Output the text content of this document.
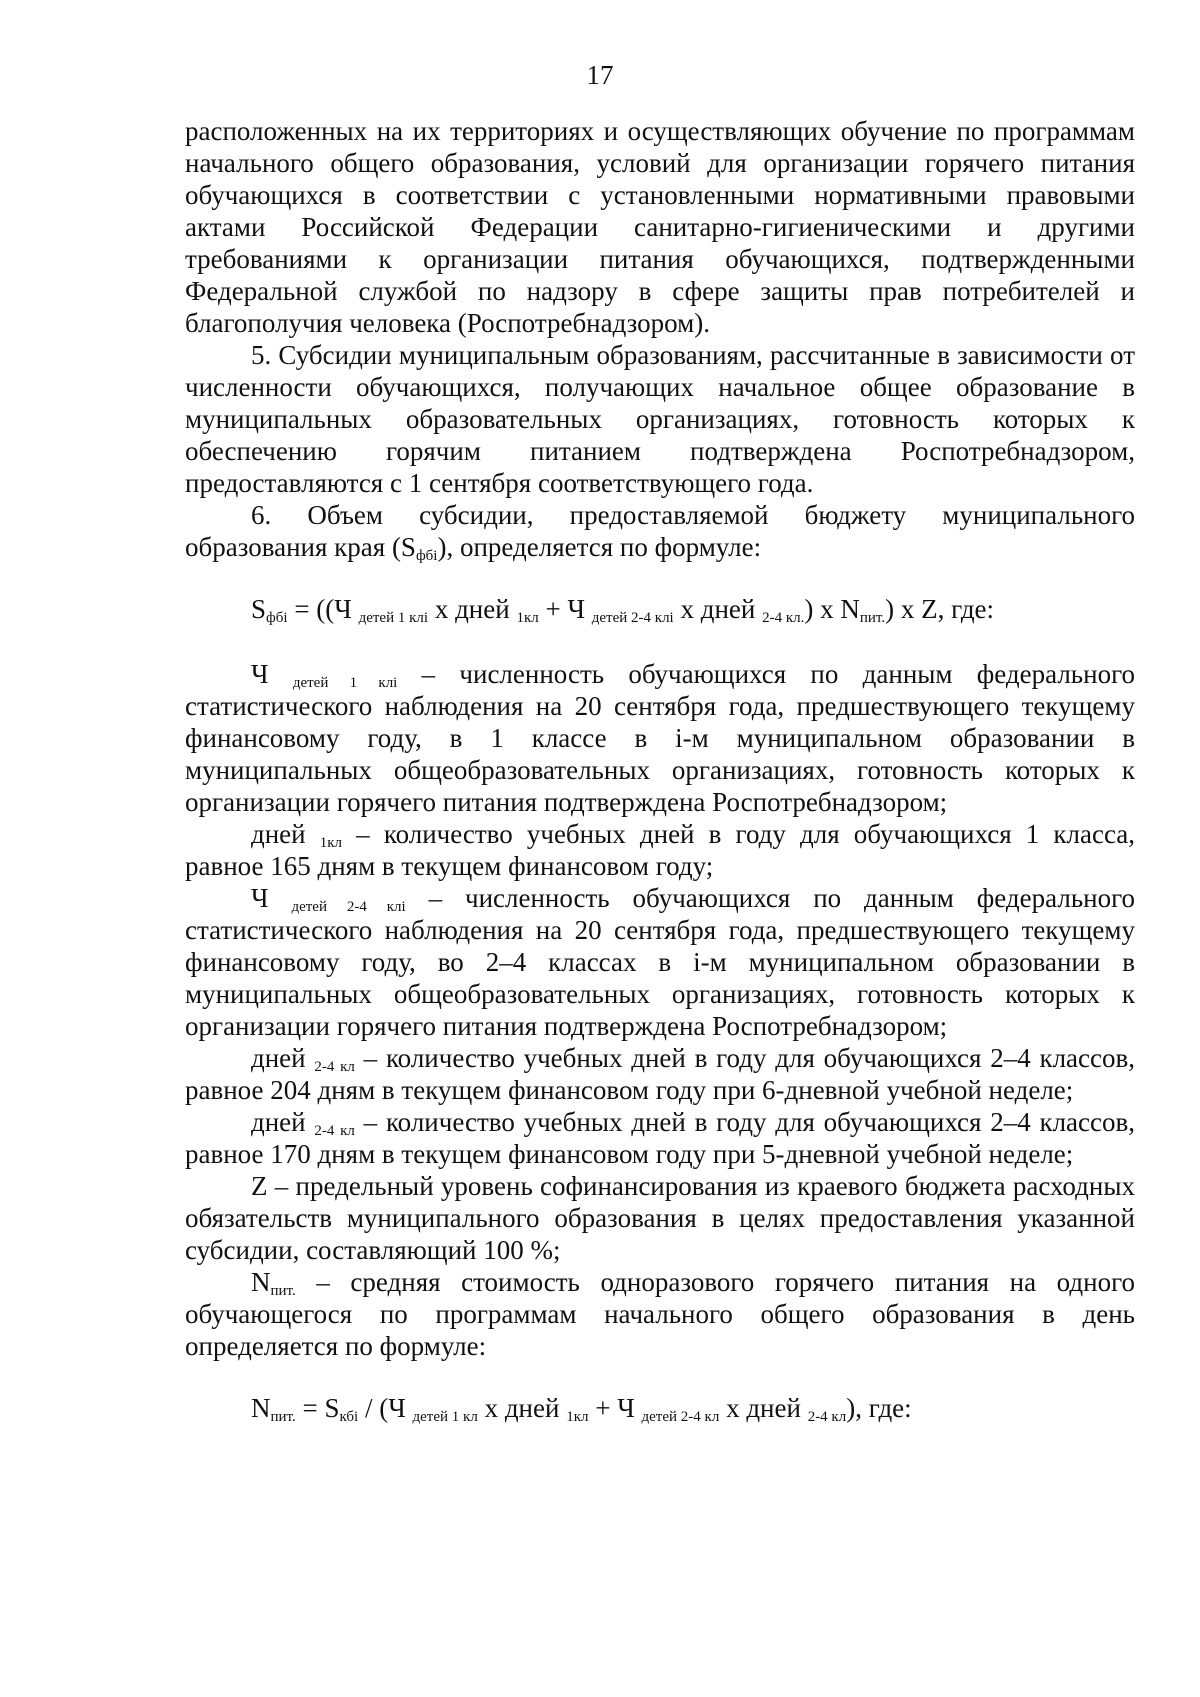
17

расположенных на их территориях и осуществляющих обучение по программам начального общего образования, условий для организации горячего питания обучающихся в соответствии с установленными нормативными правовыми актами Российской Федерации санитарно-гигиеническими и другими требованиями к организации питания обучающихся, подтвержденными Федеральной службой по надзору в сфере защиты прав потребителей и благополучия человека (Роспотребнадзором).

5. Субсидии муниципальным образованиям, рассчитанные в зависимости от численности обучающихся, получающих начальное общее образование в муниципальных образовательных организациях, готовность которых к обеспечению горячим питанием подтверждена Роспотребнадзором, предоставляются с 1 сентября соответствующего года.

6. Объем субсидии, предоставляемой бюджету муниципального образования края $(S_{фбi})$, определяется по формуле:

$S_{фбi} = ((Ч$ $_{детей 1 клi}$ х дней $_{1кл}$ + Ч $_{детей 2-4 клi}$ х дней $_{2-4 кл.}$) х $N_{пит.}$) х Z, где:

Ч $_{детей 1 клi}$ – численность обучающихся по данным федерального статистического наблюдения на 20 сентября года, предшествующего текущему финансовому году, в 1 классе в i-м муниципальном образовании в муниципальных общеобразовательных организациях, готовность которых к организации горячего питания подтверждена Роспотребнадзором;

дней $_{1кл}$ – количество учебных дней в году для обучающихся 1 класса, равное 165 дням в текущем финансовом году;

Ч $_{детей 2-4 клi}$ – численность обучающихся по данным федерального статистического наблюдения на 20 сентября года, предшествующего текущему финансовому году, во 2–4 классах в i-м муниципальном образовании в муниципальных общеобразовательных организациях, готовность которых к организации горячего питания подтверждена Роспотребнадзором;

дней $_{2-4 кл}$ – количество учебных дней в году для обучающихся 2–4 классов, равное 204 дням в текущем финансовом году при 6-дневной учебной неделе;

дней $_{2-4 кл}$ – количество учебных дней в году для обучающихся 2–4 классов, равное 170 дням в текущем финансовом году при 5-дневной учебной неделе;

Z – предельный уровень софинансирования из краевого бюджета расходных обязательств муниципального образования в целях предоставления указанной субсидии, составляющий 100 %;

$N_{пит.}$ – средняя стоимость одноразового горячего питания на одного обучающегося по программам начального общего образования в день определяется по формуле:

$N_{пит.} = S_{кбi} / (Ч$ $_{детей 1 кл}$ х дней $_{1кл}$ + Ч $_{детей 2-4 кл}$ х дней $_{2-4 кл}$), где:
